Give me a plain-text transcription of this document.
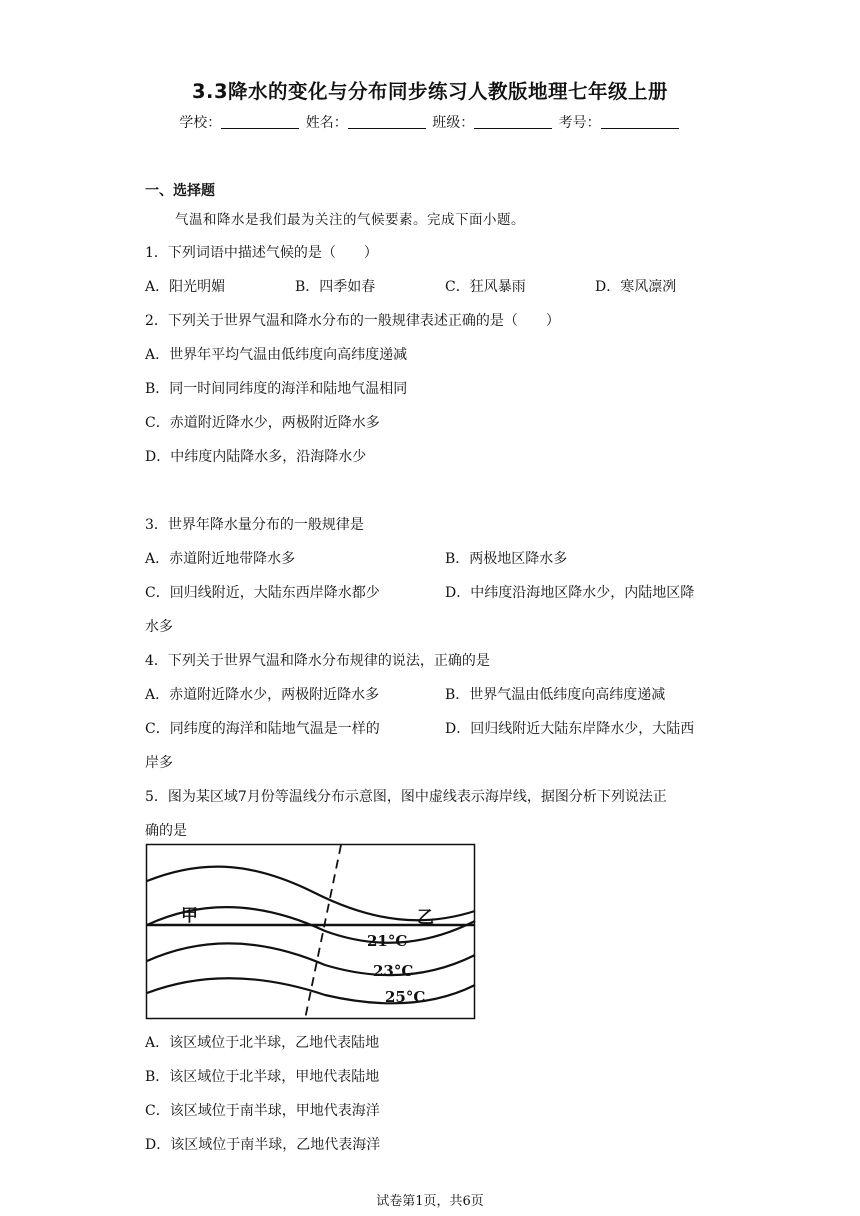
3.3降水的变化与分布同步练习人教版地理七年级上册
学校：	姓名：	班级：	考号：
一、选择题
气温和降水是我们最为关注的气候要素。完成下面小题。
1．下列词语中描述气候的是（　　）
A．阳光明媚	B．四季如春	C．狂风暴雨	D．寒风凛冽
2．下列关于世界气温和降水分布的一般规律表述正确的是（　　）
A．世界年平均气温由低纬度向高纬度递减
B．同一时间同纬度的海洋和陆地气温相同
C．赤道附近降水少，两极附近降水多
D．中纬度内陆降水多，沿海降水少
3．世界年降水量分布的一般规律是
A．赤道附近地带降水多	B．两极地区降水多
C．回归线附近，大陆东西岸降水都少	D．中纬度沿海地区降水少，内陆地区降
水多
4．下列关于世界气温和降水分布规律的说法，正确的是
A．赤道附近降水少，两极附近降水多	B．世界气温由低纬度向高纬度递减
C．同纬度的海洋和陆地气温是一样的	D．回归线附近大陆东岸降水少，大陆西
岸多
5．图为某区域7月份等温线分布示意图，图中虚线表示海岸线，据图分析下列说法正
确的是
甲	乙
21°C
23°C
25°C
A．该区域位于北半球，乙地代表陆地
B．该区域位于北半球，甲地代表陆地
C．该区域位于南半球，甲地代表海洋
D．该区域位于南半球，乙地代表海洋
试卷第1页，共6页
